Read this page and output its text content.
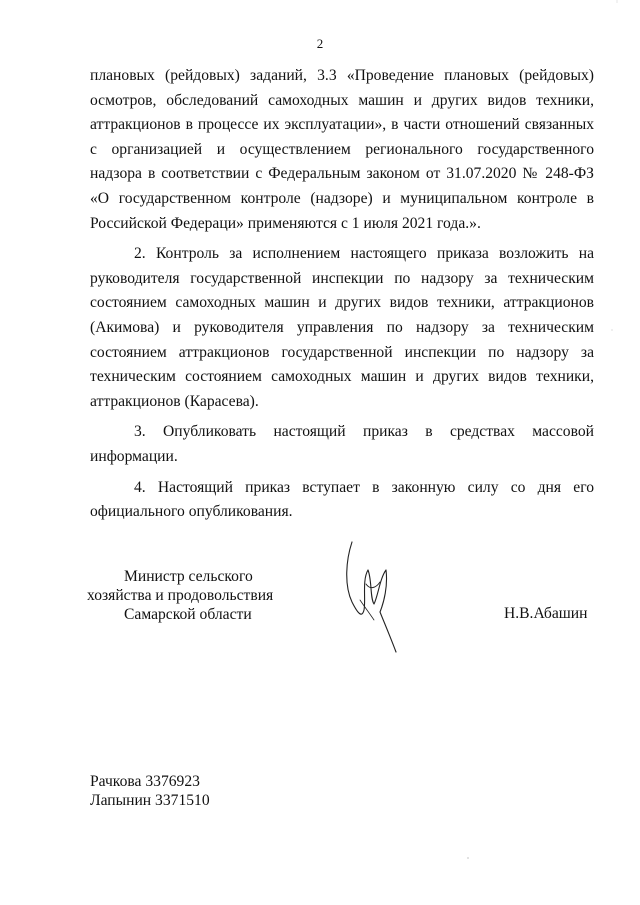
2

плановых (рейдовых) заданий, 3.3 «Проведение плановых (рейдовых) осмотров, обследований самоходных машин и других видов техники, аттракционов в процессе их эксплуатации», в части отношений связанных с организацией и осуществлением регионального государственного надзора в соответствии с Федеральным законом от 31.07.2020 № 248-ФЗ «О государственном контроле (надзоре) и муниципальном контроле в Российской Федераци» применяются с 1 июля 2021 года.».

2. Контроль за исполнением настоящего приказа возложить на руководителя государственной инспекции по надзору за техническим состоянием самоходных машин и других видов техники, аттракционов (Акимова) и руководителя управления по надзору за техническим состоянием аттракционов государственной инспекции по надзору за техническим состоянием самоходных машин и других видов техники, аттракционов (Карасева).

3. Опубликовать настоящий приказ в средствах массовой информации.

4. Настоящий приказ вступает в законную силу со дня его официального опубликования.

Министр сельского
хозяйства и продовольствия
Самарской области	Н.В.Абашин
Рачкова 3376923
Лапынин 3371510
